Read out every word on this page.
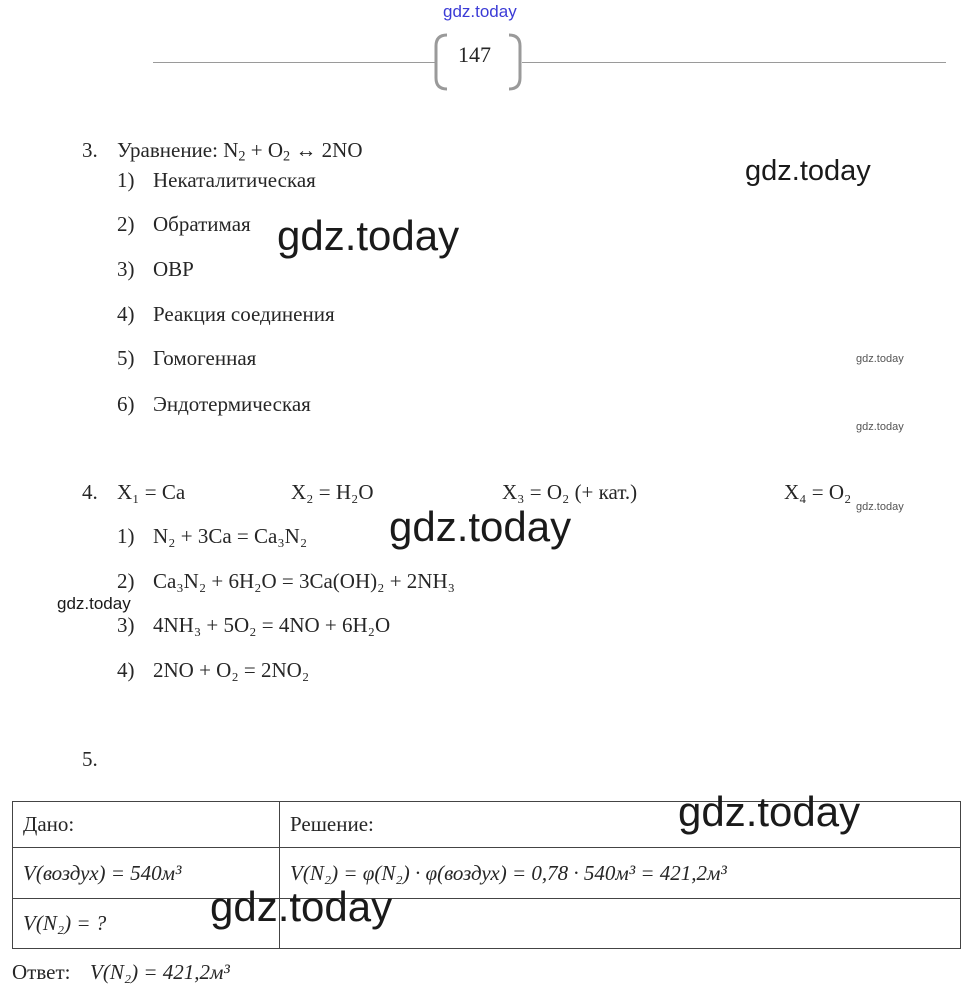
gdz.today
147
3. Уравнение: $N_2 + O_2$ ↔ 2NO
1) Некаталитическая
2) Обратимая
3) ОВР
4) Реакция соединения
5) Гомогенная
6) Эндотермическая
4. X₁ = Ca	X₂ = H₂O	X₃ = O₂ (+ кат.)	X₄ = O₂
1) N₂ + 3Ca = Ca₃N₂
2) Ca₃N₂ + 6H₂O = 3Ca(OH)₂ + 2NH₃
3) 4NH₃ + 5O₂ = 4NO + 6H₂O
4) 2NO + O₂ = 2NO₂
5.
Дано:	Решение:
V(воздух) = 540м³	V(N₂) = φ(N₂) · φ(воздух) = 0,78 · 540м³ = 421,2м³
V(N₂) = ?	
Ответ: V(N₂) = 421,2м³
gdz.today
gdz.today
gdz.today
gdz.today
gdz.today
gdz.today
gdz.today
gdz.today
gdz.today
